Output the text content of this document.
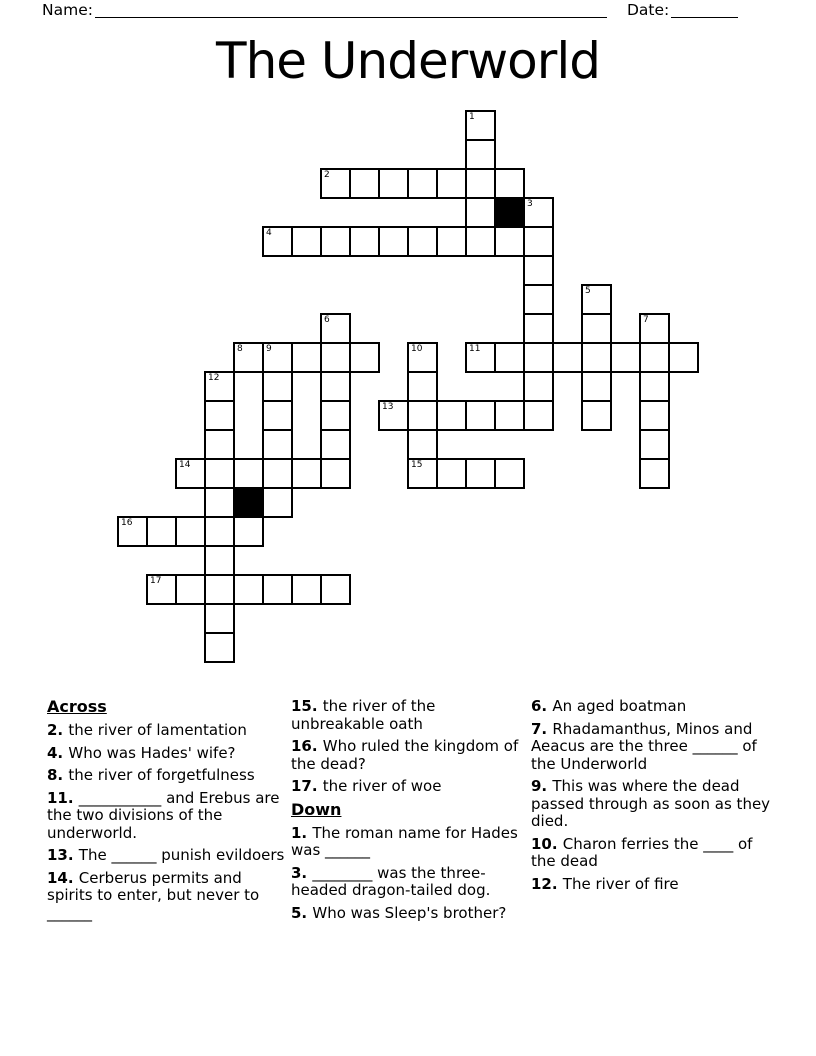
Name:	Date:
The Underworld
1
2
3
4
5
6	7
8	9	10	11
12
13
14	15
16
17
Across

2. the river of lamentation

4. Who was Hades' wife?

8. the river of forgetfulness

11. ___________ and Erebus are the two divisions of the underworld.

13. The ______ punish evildoers

14. Cerberus permits and spirits to enter, but never to ______

15. the river of the unbreakable oath

16. Who ruled the kingdom of the dead?

17. the river of woe

Down

1. The roman name for Hades was ______

3. ________ was the three-headed dragon-tailed dog.

5. Who was Sleep's brother?

6. An aged boatman

7. Rhadamanthus, Minos and Aeacus are the three ______ of the Underworld

9. This was where the dead passed through as soon as they died.

10. Charon ferries the ____ of the dead

12. The river of fire
